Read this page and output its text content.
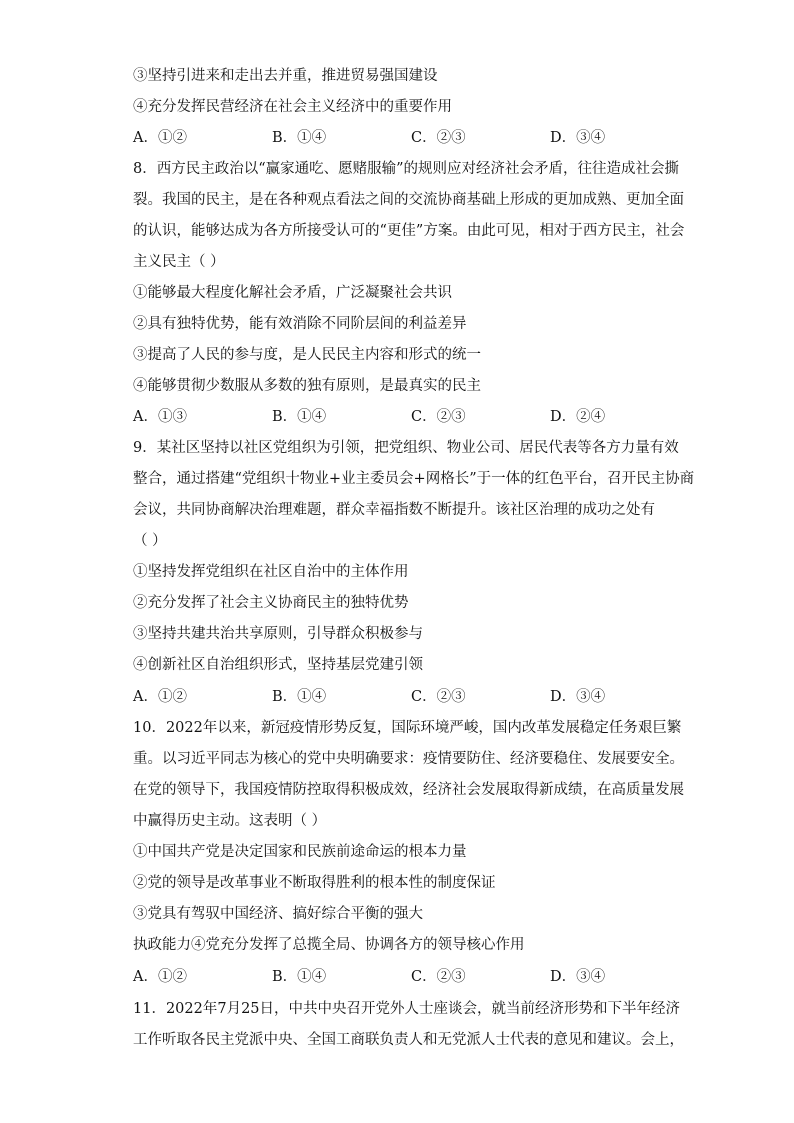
③坚持引进来和走出去并重，推进贸易强国建设
④充分发挥民营经济在社会主义经济中的重要作用
A．①②	B．①④	C．②③	D．③④
8．西方民主政治以“赢家通吃、愿赌服输”的规则应对经济社会矛盾，往往造成社会撕
裂。我国的民主，是在各种观点看法之间的交流协商基础上形成的更加成熟、更加全面
的认识，能够达成为各方所接受认可的“更佳”方案。由此可见，相对于西方民主，社会
主义民主（ ）
①能够最大程度化解社会矛盾，广泛凝聚社会共识
②具有独特优势，能有效消除不同阶层间的利益差异
③提高了人民的参与度，是人民民主内容和形式的统一
④能够贯彻少数服从多数的独有原则，是最真实的民主
A．①③	B．①④	C．②③	D．②④
9．某社区坚持以社区党组织为引领，把党组织、物业公司、居民代表等各方力量有效
整合，通过搭建“党组织十物业+业主委员会+网格长”于一体的红色平台，召开民主协商
会议，共同协商解决治理难题，群众幸福指数不断提升。该社区治理的成功之处有
（ ）
①坚持发挥党组织在社区自治中的主体作用
②充分发挥了社会主义协商民主的独特优势
③坚持共建共治共享原则，引导群众积极参与
④创新社区自治组织形式，坚持基层党建引领
A．①②	B．①④	C．②③	D．③④
10．2022年以来，新冠疫情形势反复，国际环境严峻，国内改革发展稳定任务艰巨繁
重。以习近平同志为核心的党中央明确要求：疫情要防住、经济要稳住、发展要安全。
在党的领导下，我国疫情防控取得积极成效，经济社会发展取得新成绩，在高质量发展
中赢得历史主动。这表明（ ）
①中国共产党是决定国家和民族前途命运的根本力量
②党的领导是改革事业不断取得胜利的根本性的制度保证
③党具有驾驭中国经济、搞好综合平衡的强大
执政能力④党充分发挥了总揽全局、协调各方的领导核心作用
A．①②	B．①④	C．②③	D．③④
11．2022年7月25日，中共中央召开党外人士座谈会，就当前经济形势和下半年经济
工作听取各民主党派中央、全国工商联负责人和无党派人士代表的意见和建议。会上，
